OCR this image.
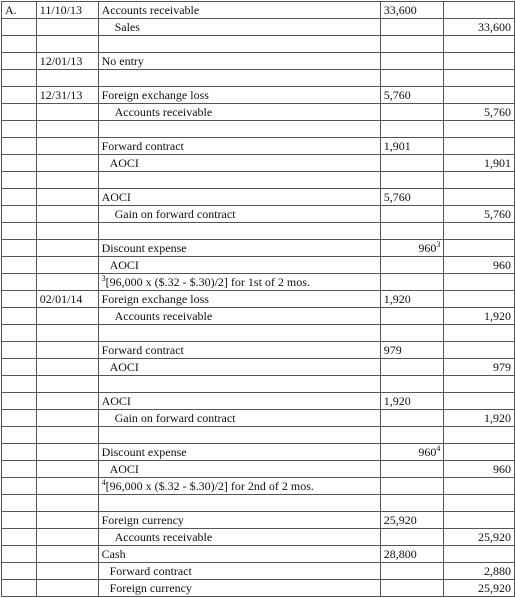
A.	11/10/13	Accounts receivable	33,600	
		Sales		33,600

	12/01/13	No entry		

	12/31/13	Foreign exchange loss	5,760	
		Accounts receivable		5,760

		Forward contract	1,901	
		AOCI		1,901

		AOCI	5,760	
		Gain on forward contract		5,760

		Discount expense	$960^3$	
		AOCI		960
		$^3$[96,000 x ($.32 - $.30)/2] for 1st of 2 mos.		
	02/01/14	Foreign exchange loss	1,920	
		Accounts receivable		1,920

		Forward contract	979	
		AOCI		979

		AOCI	1,920	
		Gain on forward contract		1,920

		Discount expense	$960^4$	
		AOCI		960
		$^4$[96,000 x ($.32 - $.30)/2] for 2nd of 2 mos.		

		Foreign currency	25,920	
		Accounts receivable		25,920
		Cash	28,800	
		Forward contract		2,880
		Foreign currency		25,920
